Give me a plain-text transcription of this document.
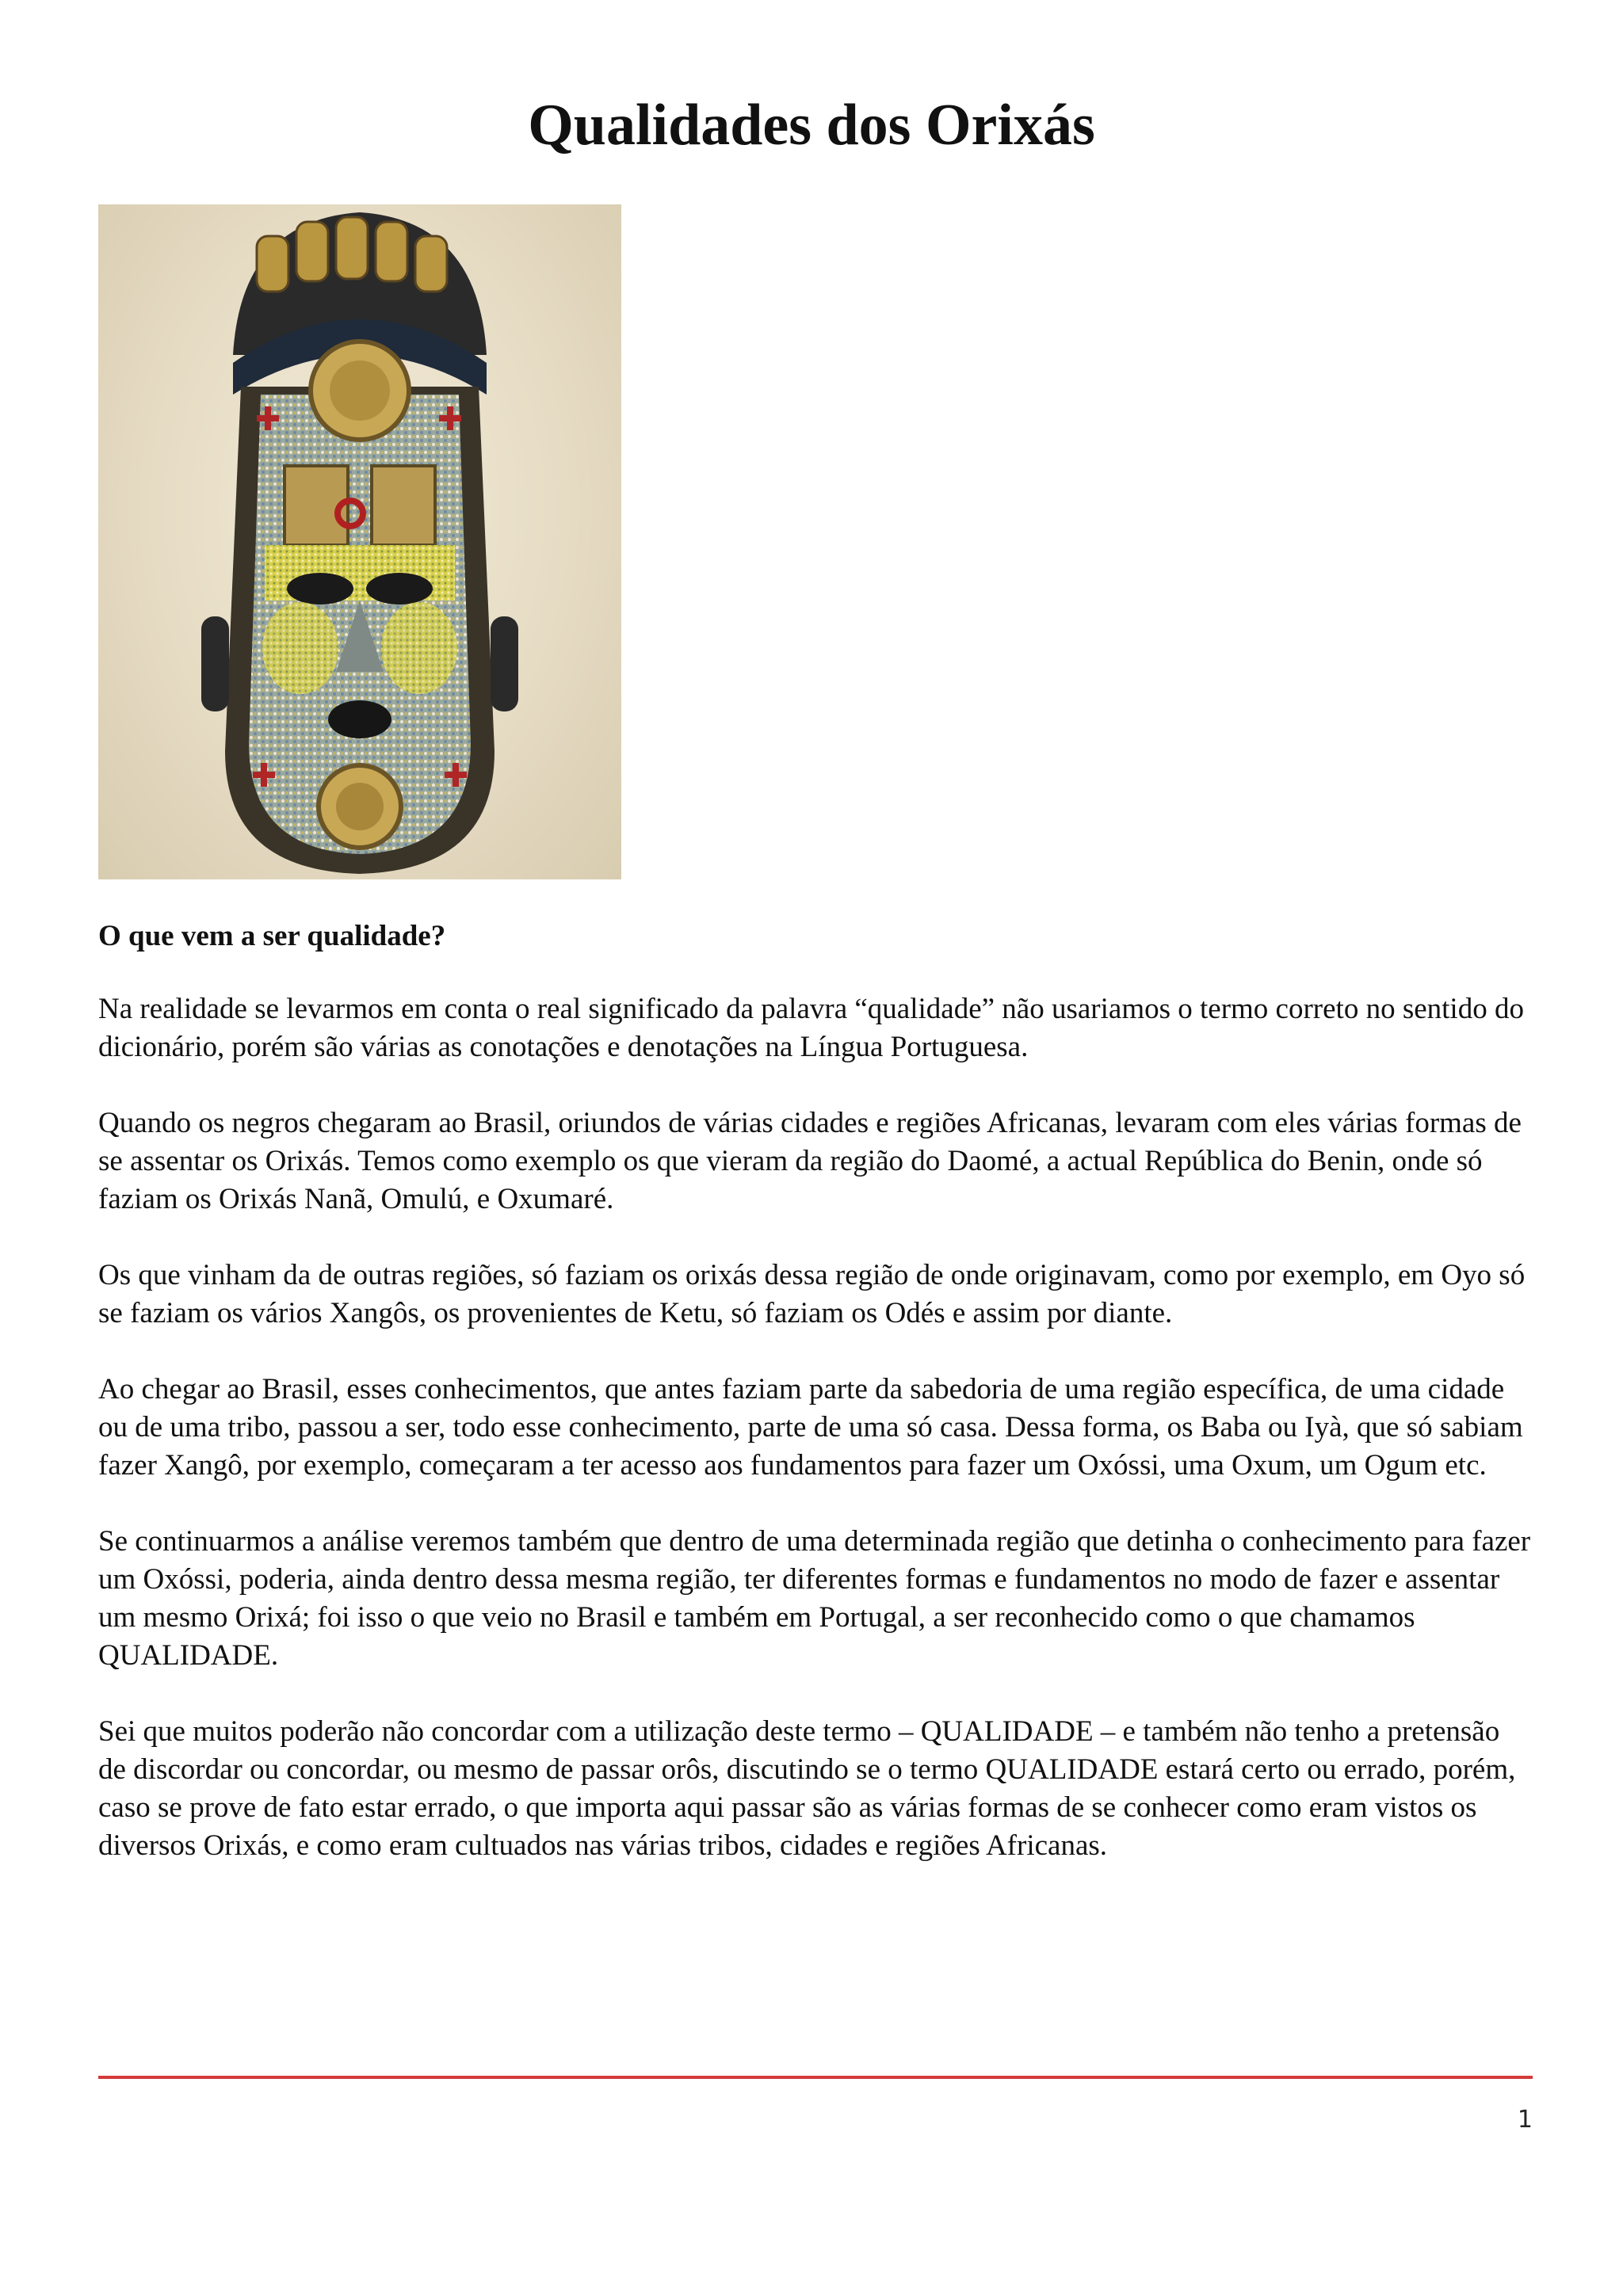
Qualidades dos Orixás
O que vem a ser qualidade?

Na realidade se levarmos em conta o real significado da palavra “qualidade” não usariamos o termo correto no sentido do dicionário, porém são várias as conotações e denotações na Língua Portuguesa.

Quando os negros chegaram ao Brasil, oriundos de várias cidades e regiões Africanas, levaram com eles várias formas de se assentar os Orixás. Temos como exemplo os que vieram da região do Daomé, a actual República do Benin, onde só faziam os Orixás Nanã, Omulú, e Oxumaré.

Os que vinham da de outras regiões, só faziam os orixás dessa região de onde originavam, como por exemplo, em Oyo só se faziam os vários Xangôs, os provenientes de Ketu, só faziam os Odés e assim por diante.

Ao chegar ao Brasil, esses conhecimentos, que antes faziam parte da sabedoria de uma região específica, de uma cidade ou de uma tribo, passou a ser, todo esse conhecimento, parte de uma só casa. Dessa forma, os Baba ou Iyà, que só sabiam fazer Xangô, por exemplo, começaram a ter acesso aos fundamentos para fazer um Oxóssi, uma Oxum, um Ogum etc.

Se continuarmos a análise veremos também que dentro de uma determinada região que detinha o conhecimento para fazer um Oxóssi, poderia, ainda dentro dessa mesma região, ter diferentes formas e fundamentos no modo de fazer e assentar um mesmo Orixá; foi isso o que veio no Brasil e também em Portugal, a ser reconhecido como o que chamamos QUALIDADE.

Sei que muitos poderão não concordar com a utilização deste termo – QUALIDADE – e também não tenho a pretensão de discordar ou concordar, ou mesmo de passar orôs, discutindo se o termo QUALIDADE estará certo ou errado, porém, caso se prove de fato estar errado, o que importa aqui passar são as várias formas de se conhecer como eram vistos os diversos Orixás, e como eram cultuados nas várias tribos, cidades e regiões Africanas.

1
